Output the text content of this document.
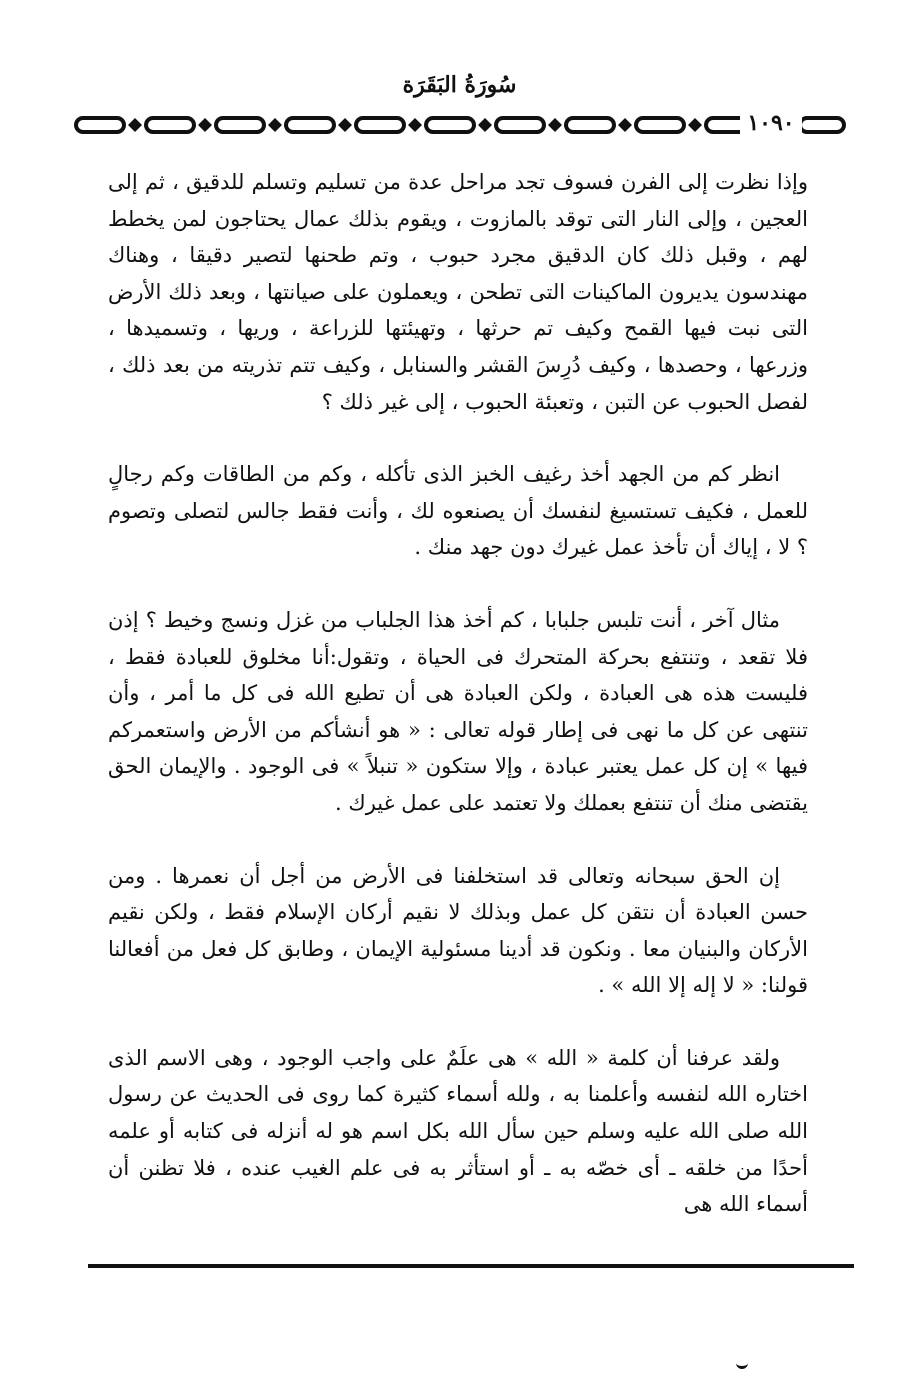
سُورَةُ البَقَرَة
١٠٩٠

وإذا نظرت إلى الفرن فسوف تجد مراحل عدة من تسليم وتسلم للدقيق ، ثم إلى العجين ، وإلى النار التى توقد بالمازوت ، ويقوم بذلك عمال يحتاجون لمن يخطط لهم ، وقبل ذلك كان الدقيق مجرد حبوب ، وتم طحنها لتصير دقيقا ، وهناك مهندسون يديرون الماكينات التى تطحن ، ويعملون على صيانتها ، وبعد ذلك الأرض التى نبت فيها القمح وكيف تم حرثها ، وتهيئتها للزراعة ، وريها ، وتسميدها ، وزرعها ، وحصدها ، وكيف دُرِسَ القشر والسنابل ، وكيف تتم تذريته من بعد ذلك ، لفصل الحبوب عن التبن ، وتعبئة الحبوب ، إلى غير ذلك ؟

انظر كم من الجهد أخذ رغيف الخبز الذى تأكله ، وكم من الطاقات وكم رجالٍ للعمل ، فكيف تستسيغ لنفسك أن يصنعوه لك ، وأنت فقط جالس لتصلى وتصوم ؟ لا ، إياك أن تأخذ عمل غيرك دون جهد منك .

مثال آخر ، أنت تلبس جلبابا ، كم أخذ هذا الجلباب من غزل ونسج وخيط ؟ إذن فلا تقعد ، وتنتفع بحركة المتحرك فى الحياة ، وتقول:أنا مخلوق للعبادة فقط ، فليست هذه هى العبادة ، ولكن العبادة هى أن تطيع الله فى كل ما أمر ، وأن تنتهى عن كل ما نهى فى إطار قوله تعالى : « هو أنشأكم من الأرض واستعمركم فيها » إن كل عمل يعتبر عبادة ، وإلا ستكون « تنبلاً » فى الوجود . والإيمان الحق يقتضى منك أن تنتفع بعملك ولا تعتمد على عمل غيرك .

إن الحق سبحانه وتعالى قد استخلفنا فى الأرض من أجل أن نعمرها . ومن حسن العبادة أن نتقن كل عمل وبذلك لا نقيم أركان الإسلام فقط ، ولكن نقيم الأركان والبنيان معا . ونكون قد أدينا مسئولية الإيمان ، وطابق كل فعل من أفعالنا قولنا: « لا إله إلا الله » .

ولقد عرفنا أن كلمة « الله » هى علَمٌ على واجب الوجود ، وهى الاسم الذى اختاره الله لنفسه وأعلمنا به ، ولله أسماء كثيرة كما روى فى الحديث عن رسول الله صلى الله عليه وسلم حين سأل الله بكل اسم هو له أنزله فى كتابه أو علمه أحدًا من خلقه ـ أى خصّه به ـ أو استأثر به فى علم الغيب عنده ، فلا تظنن أن أسماء الله هى
